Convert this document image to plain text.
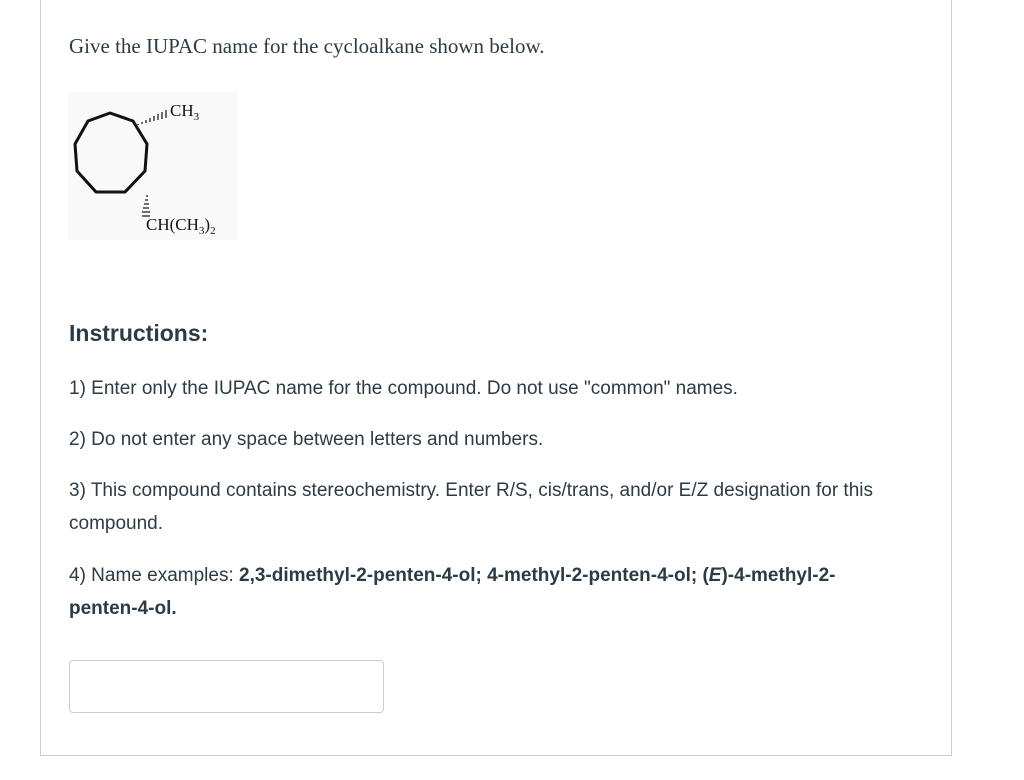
Give the IUPAC name for the cycloalkane shown below.
$CH_3$
$CH(CH_3)_2$
Instructions:
1) Enter only the IUPAC name for the compound. Do not use "common" names.
2) Do not enter any space between letters and numbers.
3) This compound contains stereochemistry. Enter R/S, cis/trans, and/or E/Z designation for this compound.
4) Name examples: 2,3-dimethyl-2-penten-4-ol; 4-methyl-2-penten-4-ol; (E)-4-methyl-2-penten-4-ol.
